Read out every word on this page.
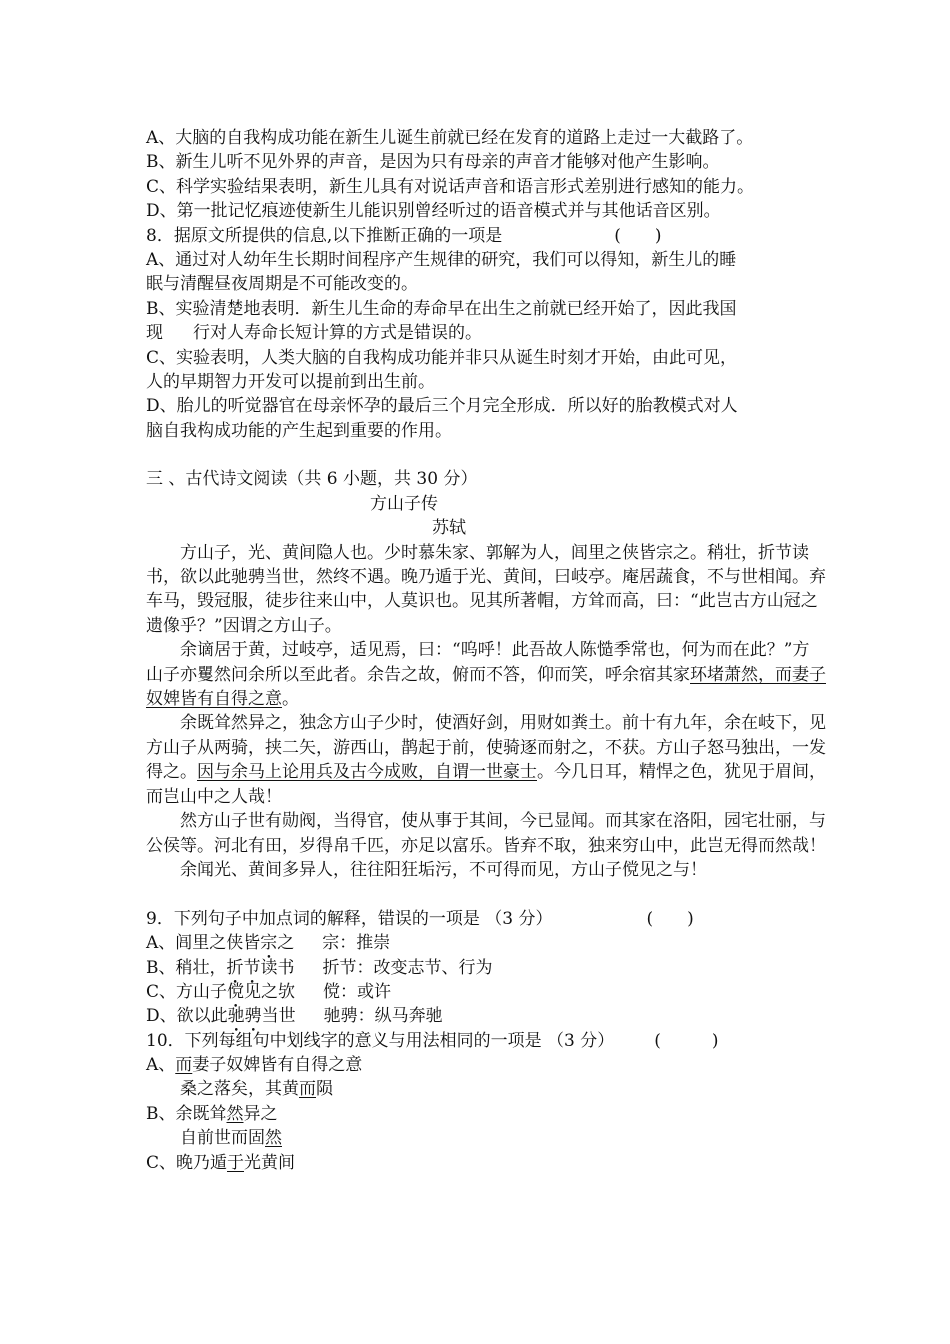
A、大脑的自我构成功能在新生儿诞生前就已经在发育的道路上走过一大截路了。
B、新生儿听不见外界的声音，是因为只有母亲的声音才能够对他产生影响。
C、科学实验结果表明，新生儿具有对说话声音和语言形式差别进行感知的能力。
D、第一批记忆痕迹使新生儿能识别曾经听过的语音模式并与其他话音区别。
8．据原文所提供的信息,以下推断正确的一项是	(　　)
A、通过对人幼年生长期时间程序产生规律的研究，我们可以得知，新生儿的睡
眠与清醒昼夜周期是不可能改变的。
B、实验清楚地表明．新生儿生命的寿命早在出生之前就已经开始了，因此我国
现 行对人寿命长短计算的方式是错误的。
C、实验表明，人类大脑的自我构成功能并非只从诞生时刻才开始，由此可见，
人的早期智力开发可以提前到出生前。
D、胎儿的听觉器官在母亲怀孕的最后三个月完全形成．所以好的胎教模式对人
脑自我构成功能的产生起到重要的作用。
三 、古代诗文阅读（共 6 小题，共 30 分）
方山子传
苏轼
方山子，光、黄间隐人也。少时慕朱家、郭解为人，闾里之侠皆宗之。稍壮，折节读书，欲以此驰骋当世，然终不遇。晚乃遁于光、黄间，曰岐亭。庵居蔬食，不与世相闻。弃车马，毁冠服，徒步往来山中，人莫识也。见其所著帽，方耸而高，曰：“此岂古方山冠之遗像乎？”因谓之方山子。
余谪居于黄，过岐亭，适见焉，曰：“呜呼！此吾故人陈慥季常也，何为而在此？”方山子亦矍然问余所以至此者。余告之故，俯而不答，仰而笑，呼余宿其家环堵萧然，而妻子奴婢皆有自得之意。
余既耸然异之，独念方山子少时，使酒好剑，用财如粪土。前十有九年，余在岐下，见方山子从两骑，挟二矢，游西山，鹊起于前，使骑逐而射之，不获。方山子怒马独出，一发得之。因与余马上论用兵及古今成败，自谓一世豪士。今几日耳，精悍之色，犹见于眉间，而岂山中之人哉！
然方山子世有勋阀，当得官，使从事于其间，今已显闻。而其家在洛阳，园宅壮丽，与公侯等。河北有田，岁得帛千匹，亦足以富乐。皆弃不取，独来穷山中，此岂无得而然哉！
余闻光、黄间多异人，往往阳狂垢污，不可得而见，方山子傥见之与！
9．下列句子中加点词的解释，错误的一项是 （3 分）	(　　)
A、闾里之侠皆宗之 宗：推崇
B、稍壮，折节读书 折节：改变志节、行为
C、方山子傥见之欤 傥：或许
D、欲以此驰骋当世 驰骋：纵马奔驰
10．下列每组句中划线字的意义与用法相同的一项是 （3 分） (　　　)
A、而妻子奴婢皆有自得之意
桑之落矣，其黄而陨
B、余既耸然异之
自前世而固然
C、晚乃遁于光黄间
